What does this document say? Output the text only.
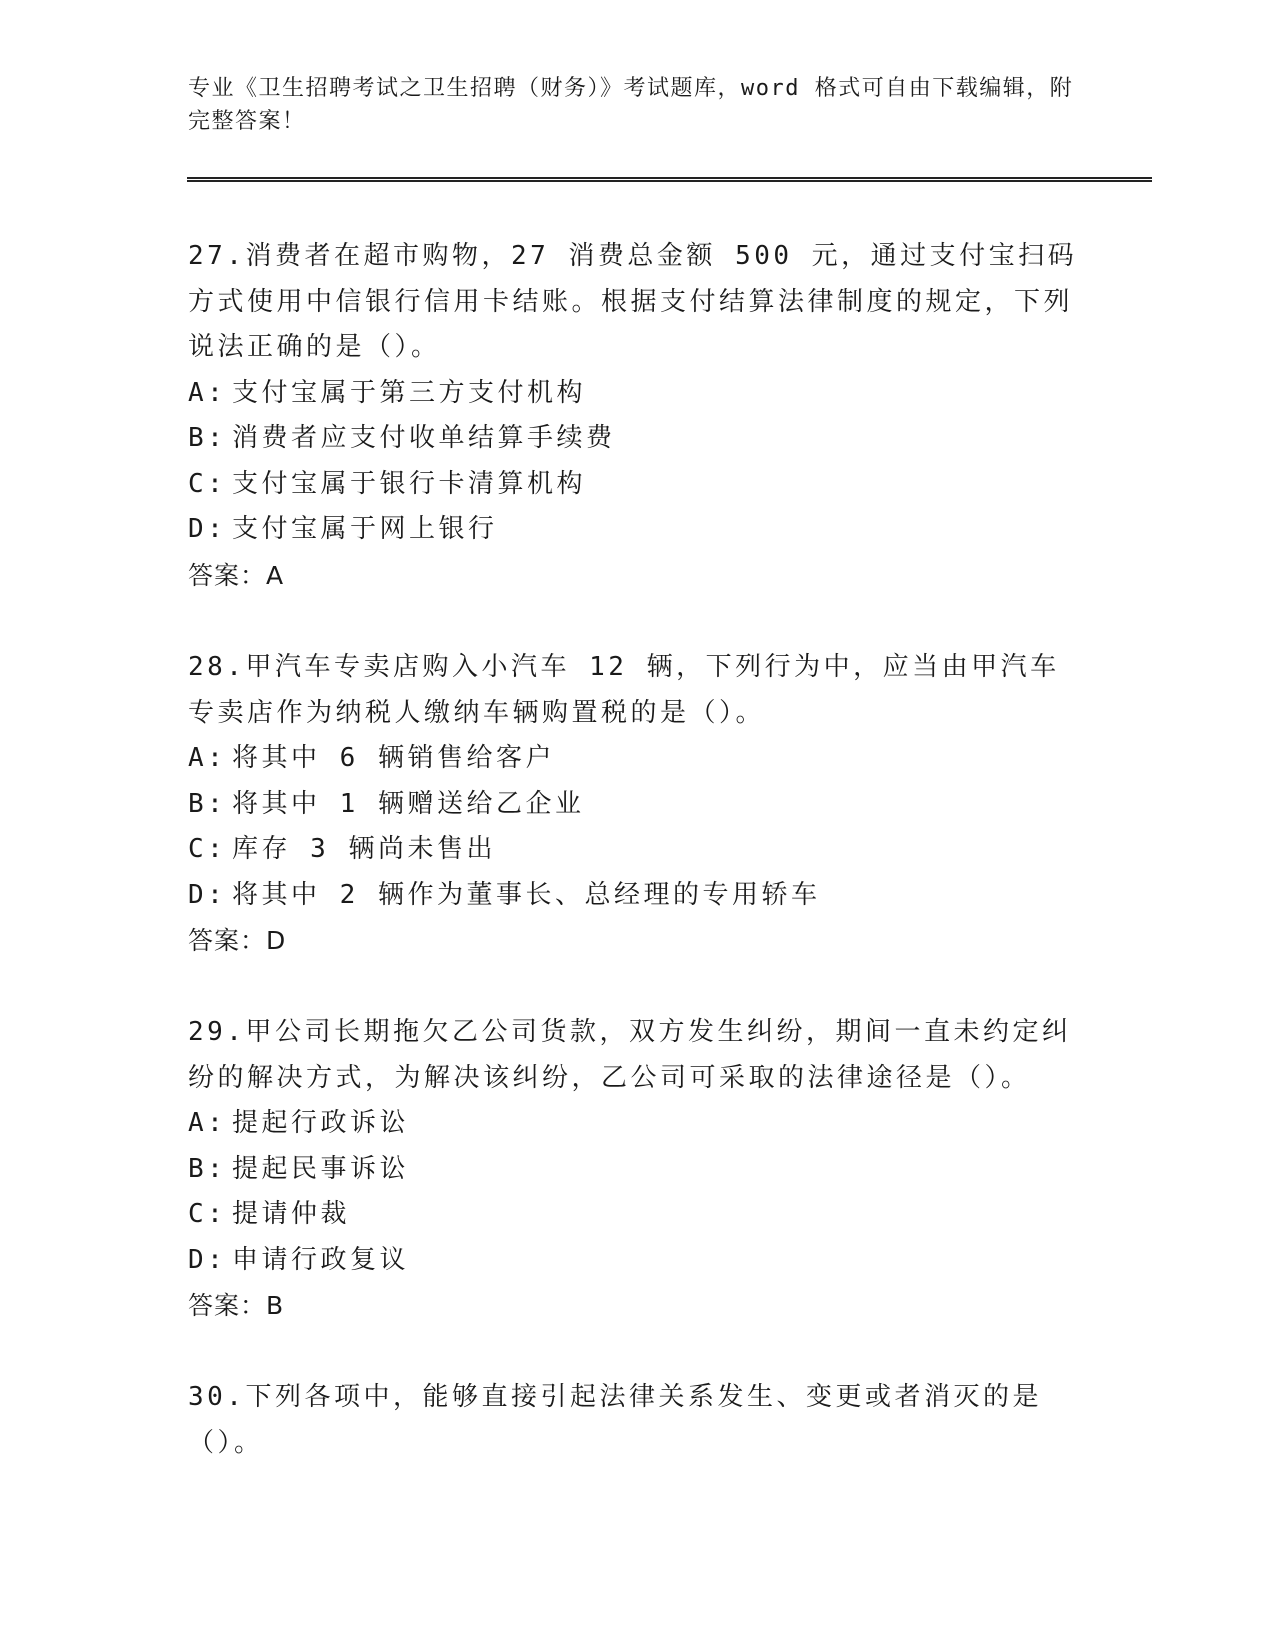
专业《卫生招聘考试之卫生招聘（财务）》考试题库，word 格式可自由下载编辑，附完整答案！

27.消费者在超市购物，27 消费总金额 500 元，通过支付宝扫码方式使用中信银行信用卡结账。根据支付结算法律制度的规定，下列说法正确的是（）。

A: 支付宝属于第三方支付机构

B: 消费者应支付收单结算手续费

C: 支付宝属于银行卡清算机构

D: 支付宝属于网上银行

答案：A

28.甲汽车专卖店购入小汽车 12 辆，下列行为中，应当由甲汽车专卖店作为纳税人缴纳车辆购置税的是（）。

A: 将其中 6 辆销售给客户

B: 将其中 1 辆赠送给乙企业

C: 库存 3 辆尚未售出

D: 将其中 2 辆作为董事长、总经理的专用轿车

答案：D

29.甲公司长期拖欠乙公司货款，双方发生纠纷，期间一直未约定纠纷的解决方式，为解决该纠纷，乙公司可采取的法律途径是（）。

A: 提起行政诉讼

B: 提起民事诉讼

C: 提请仲裁

D: 申请行政复议

答案：B

30.下列各项中，能够直接引起法律关系发生、变更或者消灭的是（）。
